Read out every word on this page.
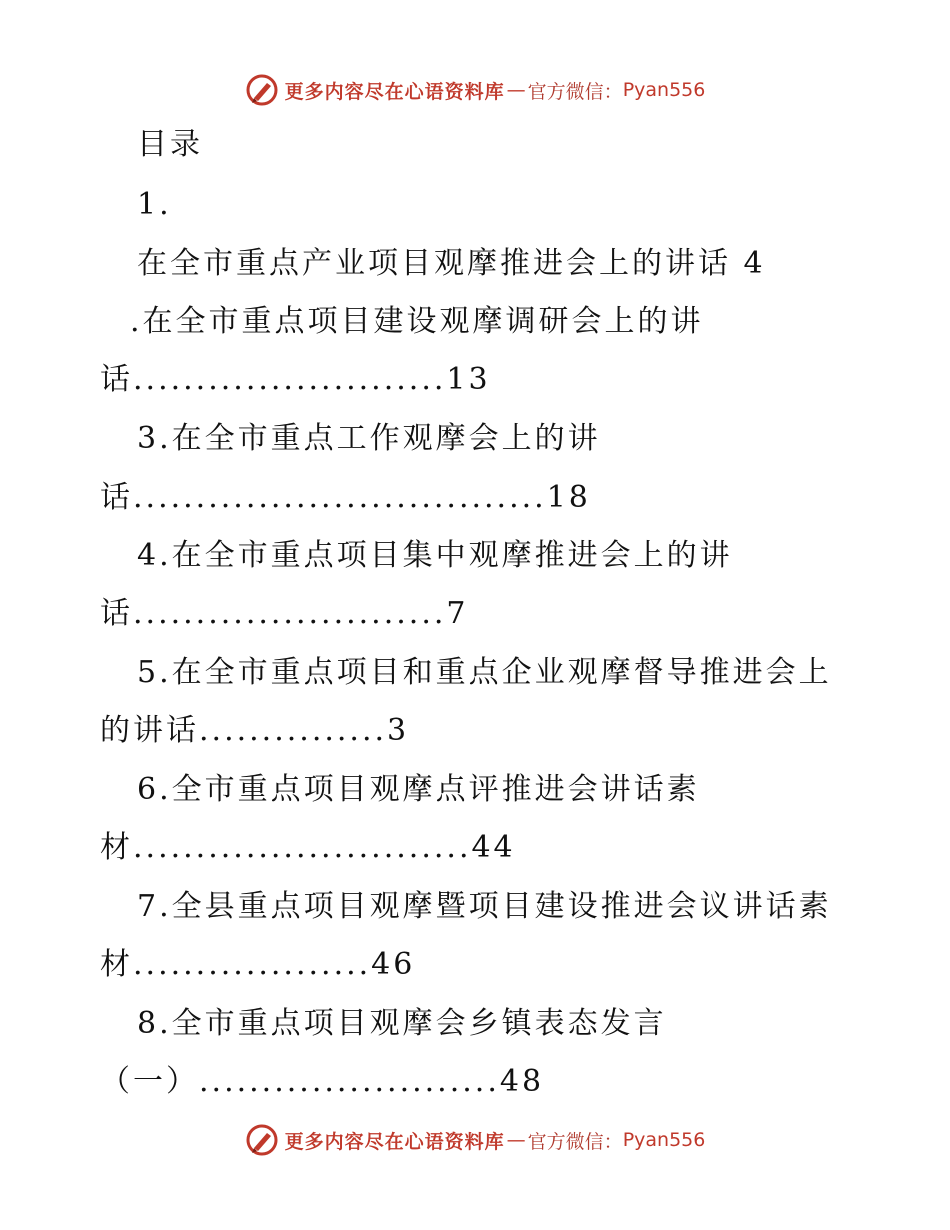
更多内容尽在心语资料库 — 官方微信： Pyan556
目录
1.
在全市重点产业项目观摩推进会上的讲话 4
.在全市重点项目建设观摩调研会上的讲
话.........................13
3.在全市重点工作观摩会上的讲
话.................................18
4.在全市重点项目集中观摩推进会上的讲
话.........................7
5.在全市重点项目和重点企业观摩督导推进会上
的讲话...............3
6.全市重点项目观摩点评推进会讲话素
材...........................44
7.全县重点项目观摩暨项目建设推进会议讲话素
材...................46
8.全市重点项目观摩会乡镇表态发言
（一）........................48
更多内容尽在心语资料库 — 官方微信： Pyan556
